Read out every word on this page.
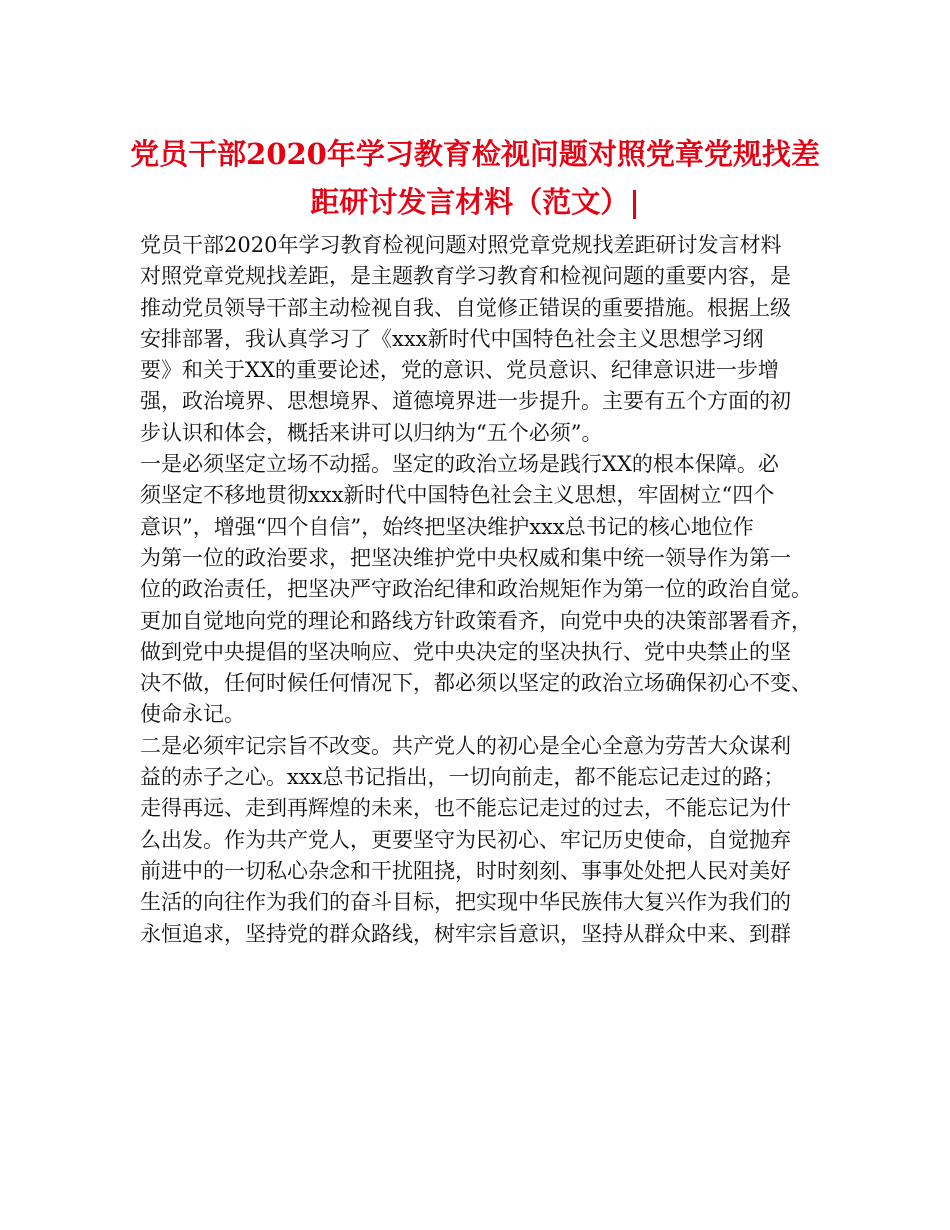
党员干部2020年学习教育检视问题对照党章党规找差
距研讨发言材料（范文）|
党员干部2020年学习教育检视问题对照党章党规找差距研讨发言材料
对照党章党规找差距，是主题教育学习教育和检视问题的重要内容，是
推动党员领导干部主动检视自我、自觉修正错误的重要措施。根据上级
安排部署，我认真学习了《xxx新时代中国特色社会主义思想学习纲
要》和关于XX的重要论述，党的意识、党员意识、纪律意识进一步增
强，政治境界、思想境界、道德境界进一步提升。主要有五个方面的初
步认识和体会，概括来讲可以归纳为“五个必须”。
一是必须坚定立场不动摇。坚定的政治立场是践行XX的根本保障。必
须坚定不移地贯彻xxx新时代中国特色社会主义思想，牢固树立“四个
意识”，增强“四个自信”，始终把坚决维护xxx总书记的核心地位作
为第一位的政治要求，把坚决维护党中央权威和集中统一领导作为第一
位的政治责任，把坚决严守政治纪律和政治规矩作为第一位的政治自觉。
更加自觉地向党的理论和路线方针政策看齐，向党中央的决策部署看齐，
做到党中央提倡的坚决响应、党中央决定的坚决执行、党中央禁止的坚
决不做，任何时候任何情况下，都必须以坚定的政治立场确保初心不变、
使命永记。
二是必须牢记宗旨不改变。共产党人的初心是全心全意为劳苦大众谋利
益的赤子之心。xxx总书记指出，一切向前走，都不能忘记走过的路；
走得再远、走到再辉煌的未来，也不能忘记走过的过去，不能忘记为什
么出发。作为共产党人，更要坚守为民初心、牢记历史使命，自觉抛弃
前进中的一切私心杂念和干扰阻挠，时时刻刻、事事处处把人民对美好
生活的向往作为我们的奋斗目标，把实现中华民族伟大复兴作为我们的
永恒追求，坚持党的群众路线，树牢宗旨意识，坚持从群众中来、到群
